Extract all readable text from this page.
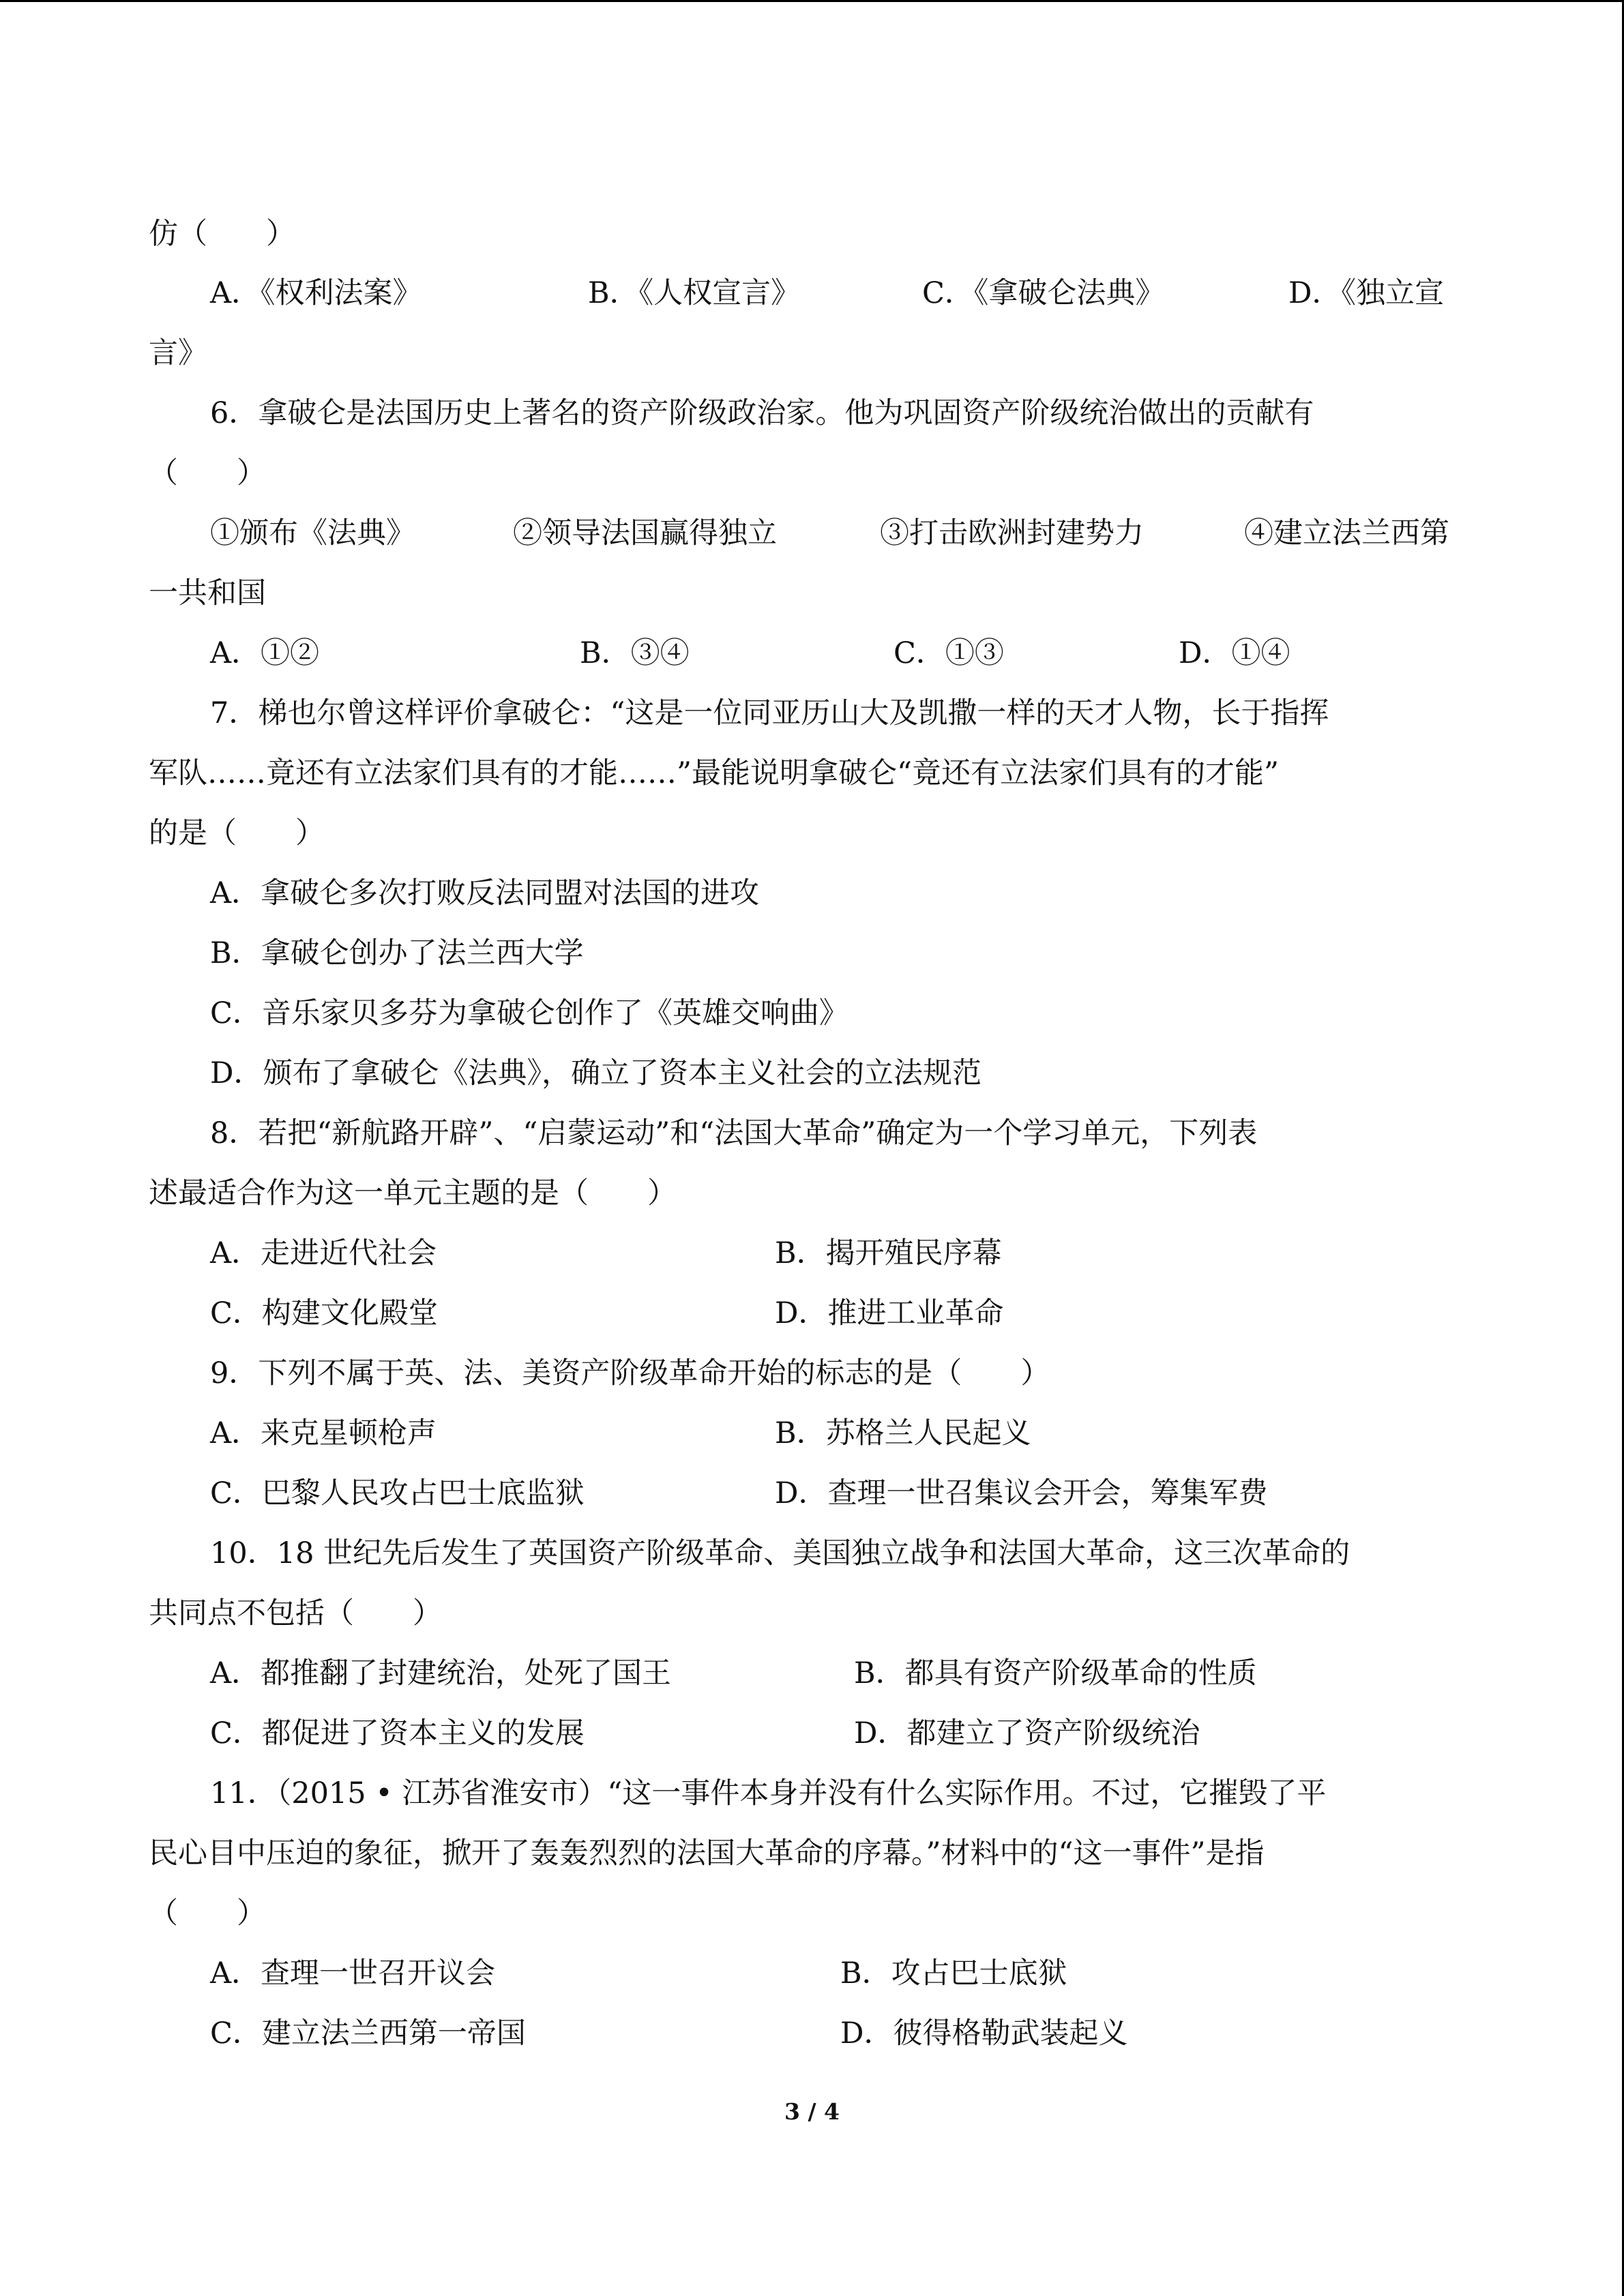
仿（　　）
A．《权利法案》	B．《人权宣言》	C．《拿破仑法典》	D．《独立宣
言》
6．拿破仑是法国历史上著名的资产阶级政治家。他为巩固资产阶级统治做出的贡献有
（　　）
①颁布《法典》	②领导法国赢得独立	③打击欧洲封建势力	④建立法兰西第
一共和国
A．①②	B．③④	C．①③	D．①④
7．梯也尔曾这样评价拿破仑：“这是一位同亚历山大及凯撒一样的天才人物，长于指挥
军队……竟还有立法家们具有的才能……”最能说明拿破仑“竟还有立法家们具有的才能”
的是（　　）
A．拿破仑多次打败反法同盟对法国的进攻
B．拿破仑创办了法兰西大学
C．音乐家贝多芬为拿破仑创作了《英雄交响曲》
D．颁布了拿破仑《法典》，确立了资本主义社会的立法规范
8．若把“新航路开辟”、“启蒙运动”和“法国大革命”确定为一个学习单元，下列表
述最适合作为这一单元主题的是（　　）
A．走进近代社会	B．揭开殖民序幕
C．构建文化殿堂	D．推进工业革命
9．下列不属于英、法、美资产阶级革命开始的标志的是（　　）
A．来克星顿枪声	B．苏格兰人民起义
C．巴黎人民攻占巴士底监狱	D．查理一世召集议会开会，筹集军费
10．18 世纪先后发生了英国资产阶级革命、美国独立战争和法国大革命，这三次革命的
共同点不包括（　　）
A．都推翻了封建统治，处死了国王	B．都具有资产阶级革命的性质
C．都促进了资本主义的发展	D．都建立了资产阶级统治
11．（2015 • 江苏省淮安市）“这一事件本身并没有什么实际作用。不过，它摧毁了平
民心目中压迫的象征，掀开了轰轰烈烈的法国大革命的序幕。”材料中的“这一事件”是指
（　　）
A．查理一世召开议会	B．攻占巴士底狱
C．建立法兰西第一帝国	D．彼得格勒武装起义
3 / 4
